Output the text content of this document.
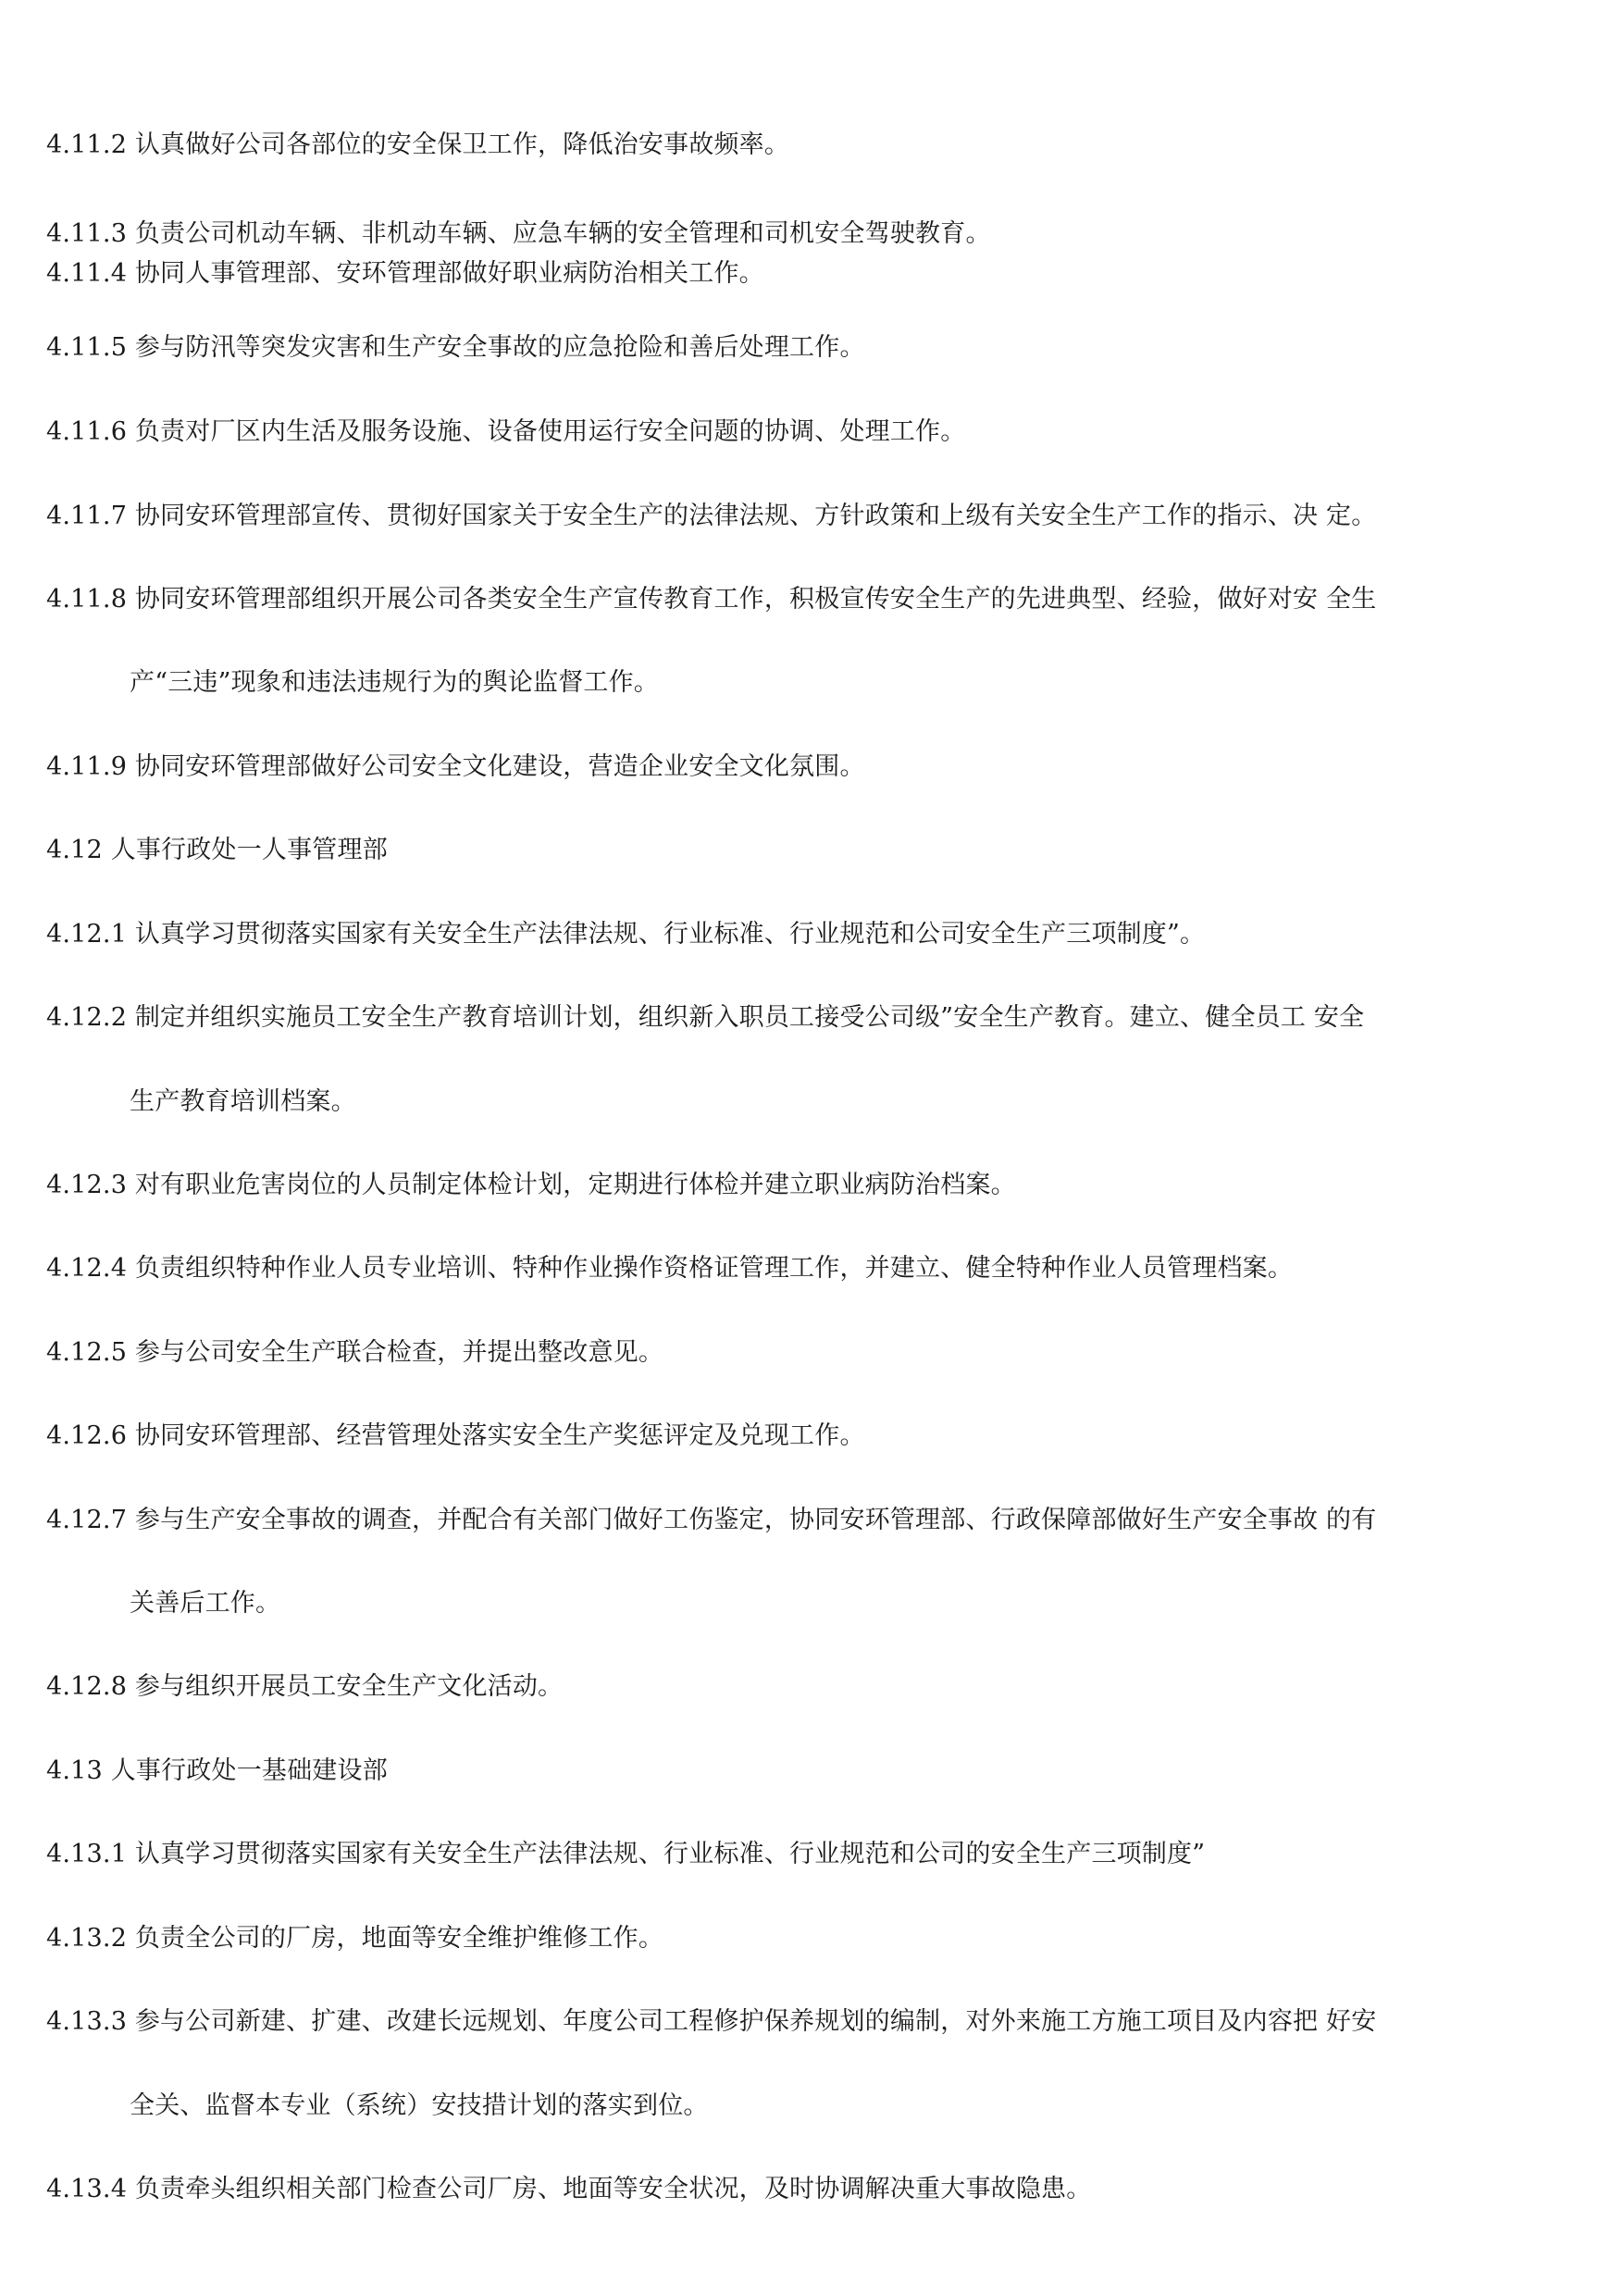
4.11.2 认真做好公司各部位的安全保卫工作，降低治安事故频率。
4.11.3 负责公司机动车辆、非机动车辆、应急车辆的安全管理和司机安全驾驶教育。
4.11.4 协同人事管理部、安环管理部做好职业病防治相关工作。
4.11.5 参与防汛等突发灾害和生产安全事故的应急抢险和善后处理工作。
4.11.6 负责对厂区内生活及服务设施、设备使用运行安全问题的协调、处理工作。
4.11.7 协同安环管理部宣传、贯彻好国家关于安全生产的法律法规、方针政策和上级有关安全生产工作的指示、决 定。
4.11.8 协同安环管理部组织开展公司各类安全生产宣传教育工作，积极宣传安全生产的先进典型、经验，做好对安 全生
产“三违”现象和违法违规行为的舆论监督工作。
4.11.9 协同安环管理部做好公司安全文化建设，营造企业安全文化氛围。
4.12 人事行政处一人事管理部
4.12.1 认真学习贯彻落实国家有关安全生产法律法规、行业标准、行业规范和公司安全生产三项制度”。
4.12.2 制定并组织实施员工安全生产教育培训计划，组织新入职员工接受公司级”安全生产教育。建立、健全员工 安全
生产教育培训档案。
4.12.3 对有职业危害岗位的人员制定体检计划，定期进行体检并建立职业病防治档案。
4.12.4 负责组织特种作业人员专业培训、特种作业操作资格证管理工作，并建立、健全特种作业人员管理档案。
4.12.5 参与公司安全生产联合检查，并提出整改意见。
4.12.6 协同安环管理部、经营管理处落实安全生产奖惩评定及兑现工作。
4.12.7 参与生产安全事故的调查，并配合有关部门做好工伤鉴定，协同安环管理部、行政保障部做好生产安全事故 的有
关善后工作。
4.12.8 参与组织开展员工安全生产文化活动。
4.13 人事行政处一基础建设部
4.13.1 认真学习贯彻落实国家有关安全生产法律法规、行业标准、行业规范和公司的安全生产三项制度”
4.13.2 负责全公司的厂房，地面等安全维护维修工作。
4.13.3 参与公司新建、扩建、改建长远规划、年度公司工程修护保养规划的编制，对外来施工方施工项目及内容把 好安
全关、监督本专业（系统）安技措计划的落实到位。
4.13.4 负责牵头组织相关部门检查公司厂房、地面等安全状况，及时协调解决重大事故隐患。
